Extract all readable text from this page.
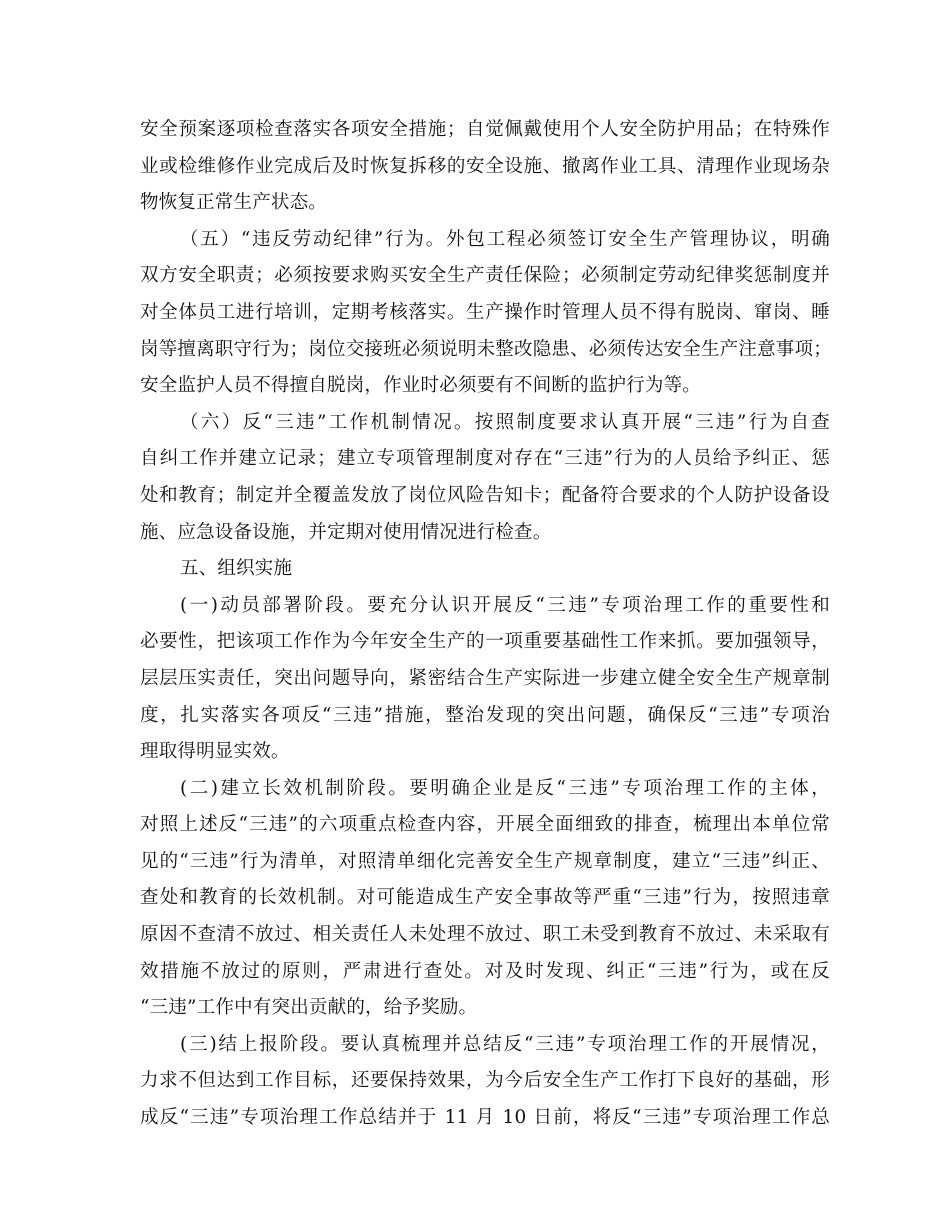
安全预案逐项检查落实各项安全措施；自觉佩戴使用个人安全防护用品；在特殊作
业或检维修作业完成后及时恢复拆移的安全设施、撤离作业工具、清理作业现场杂
物恢复正常生产状态。
（五）“违反劳动纪律”行为。外包工程必须签订安全生产管理协议，明确
双方安全职责；必须按要求购买安全生产责任保险；必须制定劳动纪律奖惩制度并
对全体员工进行培训，定期考核落实。生产操作时管理人员不得有脱岗、窜岗、睡
岗等擅离职守行为；岗位交接班必须说明未整改隐患、必须传达安全生产注意事项；
安全监护人员不得擅自脱岗，作业时必须要有不间断的监护行为等。
（六）反“三违”工作机制情况。按照制度要求认真开展“三违”行为自查
自纠工作并建立记录；建立专项管理制度对存在“三违”行为的人员给予纠正、惩
处和教育；制定并全覆盖发放了岗位风险告知卡；配备符合要求的个人防护设备设
施、应急设备设施，并定期对使用情况进行检查。
五、组织实施
(一)动员部署阶段。要充分认识开展反“三违”专项治理工作的重要性和
必要性，把该项工作作为今年安全生产的一项重要基础性工作来抓。要加强领导，
层层压实责任，突出问题导向，紧密结合生产实际进一步建立健全安全生产规章制
度，扎实落实各项反“三违”措施，整治发现的突出问题，确保反“三违”专项治
理取得明显实效。
(二)建立长效机制阶段。要明确企业是反“三违”专项治理工作的主体，
对照上述反“三违”的六项重点检查内容，开展全面细致的排查，梳理出本单位常
见的“三违”行为清单，对照清单细化完善安全生产规章制度，建立“三违”纠正、
查处和教育的长效机制。对可能造成生产安全事故等严重“三违”行为，按照违章
原因不查清不放过、相关责任人未处理不放过、职工未受到教育不放过、未采取有
效措施不放过的原则，严肃进行查处。对及时发现、纠正“三违”行为，或在反
“三违”工作中有突出贡献的，给予奖励。
(三)结上报阶段。要认真梳理并总结反“三违”专项治理工作的开展情况，
力求不但达到工作目标，还要保持效果，为今后安全生产工作打下良好的基础，形
成反“三违”专项治理工作总结并于 11 月 10 日前，将反“三违”专项治理工作总
